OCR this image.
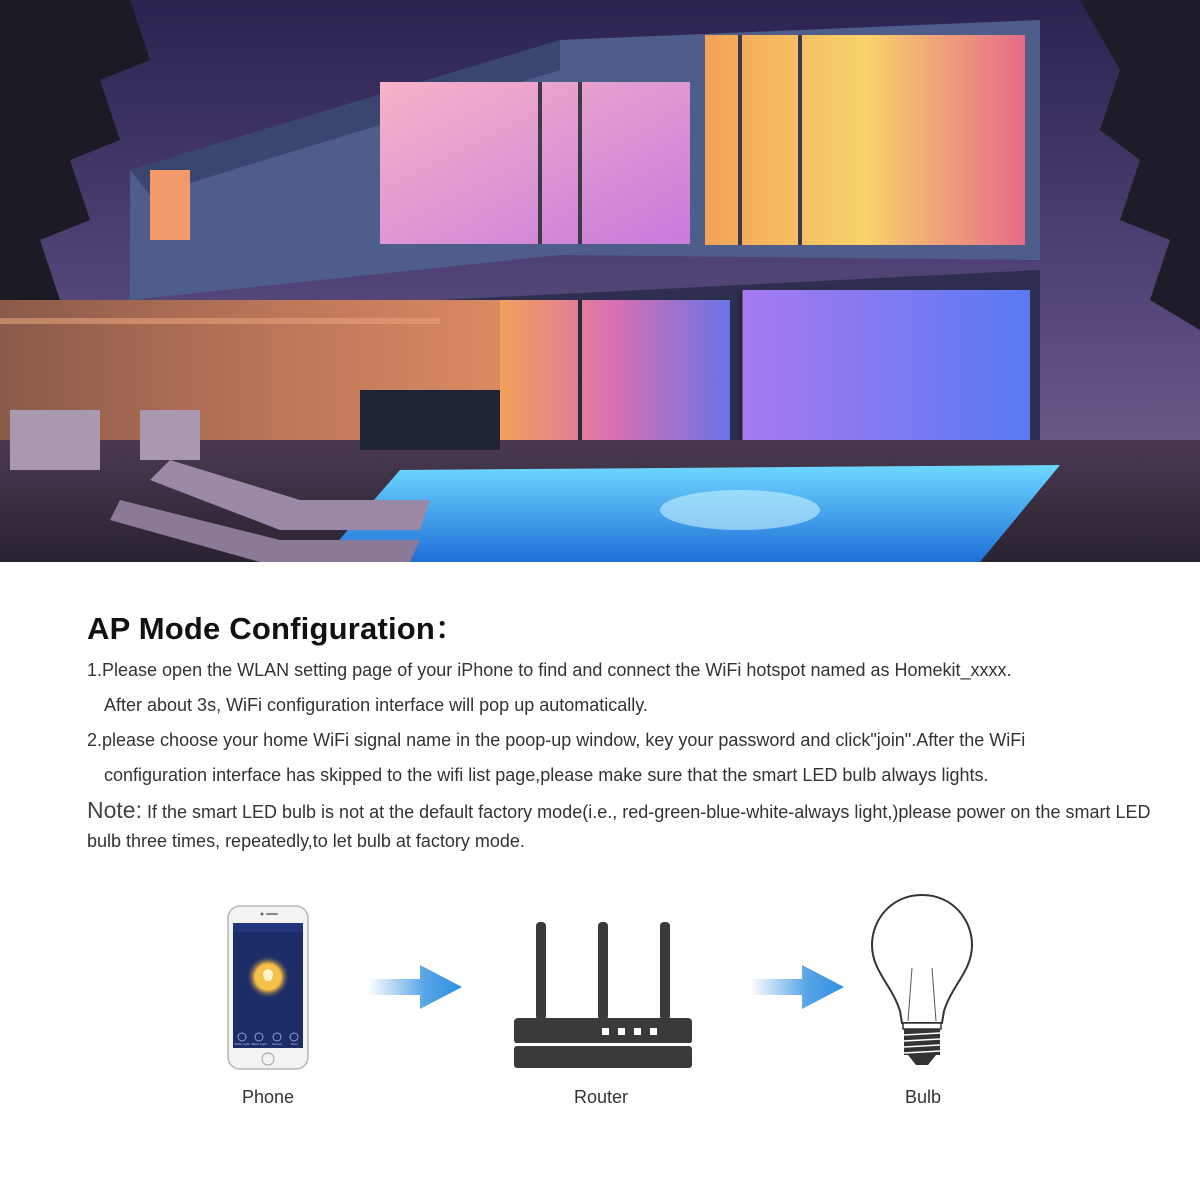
AP Mode Configuration：

1.Please open the WLAN setting page of your iPhone to find and connect the WiFi hotspot named as Homekit_xxxx.
After about 3s, WiFi configuration interface will pop up automatically.

2.please choose your home WiFi signal name in the poop-up window, key your password and click"join".After the WiFi
configuration interface has skipped to the wifi list page,please make sure that the smart LED bulb always lights.

Note: If the smart LED bulb is not at the default factory mode(i.e., red-green-blue-white-always light,)please power on the smart LED bulb three times, repeatedly,to let bulb at factory mode.

White Light Warm Light Scenes	Timer
Phone	Router	Bulb
